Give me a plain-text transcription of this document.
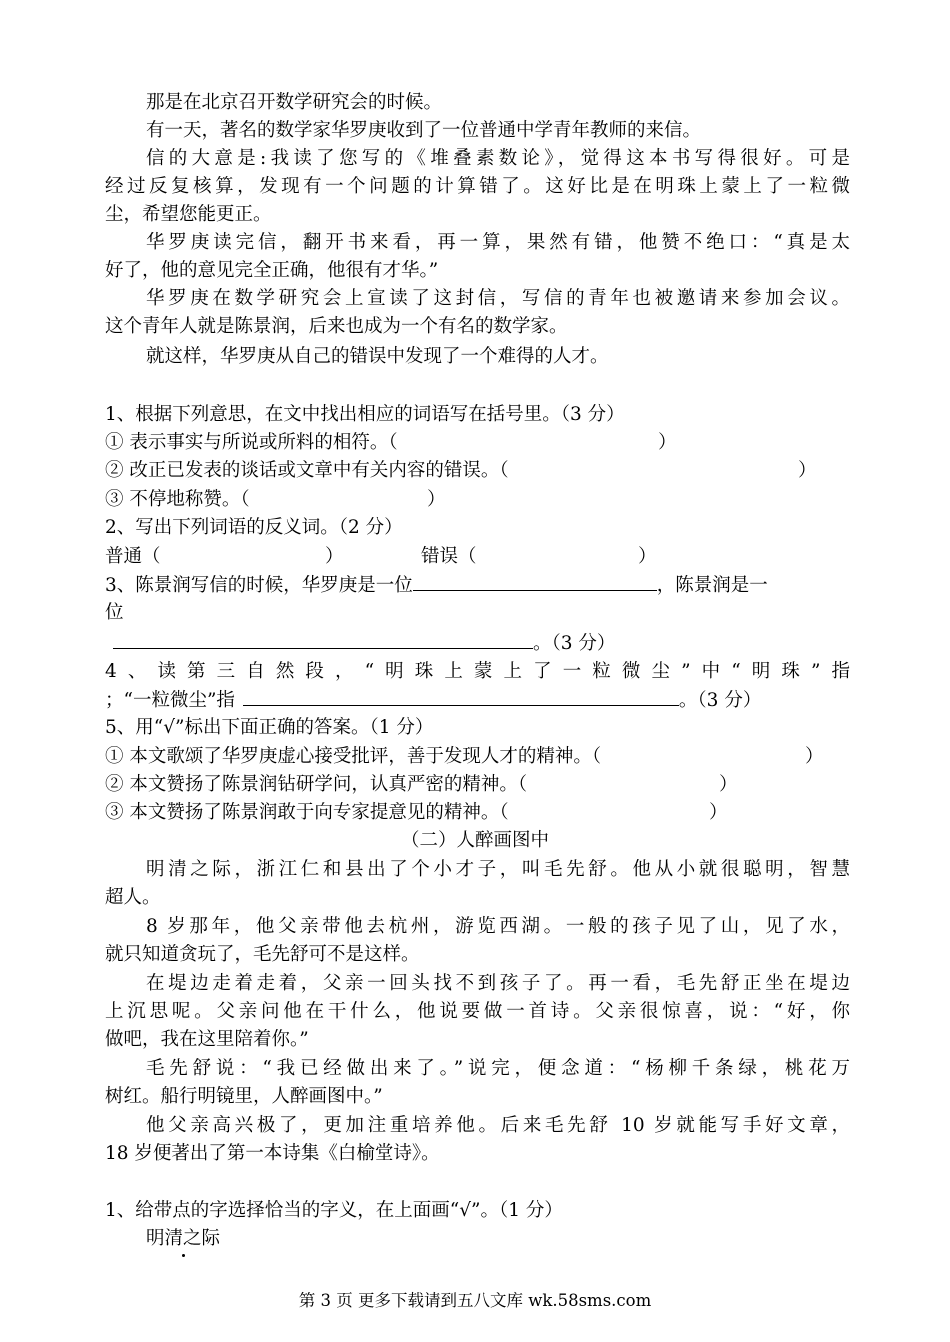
那是在北京召开数学研究会的时候。
有一天，著名的数学家华罗庚收到了一位普通中学青年教师的来信。
信的大意是:我读了您写的《堆叠素数论》，觉得这本书写得很好。可是
经过反复核算，发现有一个问题的计算错了。这好比是在明珠上蒙上了一粒微
尘，希望您能更正。
华罗庚读完信，翻开书来看，再一算，果然有错，他赞不绝口：“真是太
好了，他的意见完全正确，他很有才华。”
华罗庚在数学研究会上宣读了这封信，写信的青年也被邀请来参加会议。
这个青年人就是陈景润，后来也成为一个有名的数学家。
就这样，华罗庚从自己的错误中发现了一个难得的人才。
1、根据下列意思，在文中找出相应的词语写在括号里。（3 分）
① 表示事实与所说或所料的相符。（	）
② 改正已发表的谈话或文章中有关内容的错误。（	）
③ 不停地称赞。（	）
2、写出下列词语的反义词。（2 分）
普通（	）	错误（	）
3、陈景润写信的时候，华罗庚是一位	，陈景润是一
位
。（3 分）
4、读第三自然段，“明珠上蒙上了一粒微尘”中“明珠”指
；“一粒微尘”指	。（3 分）
5、用“√”标出下面正确的答案。（1 分）
① 本文歌颂了华罗庚虚心接受批评，善于发现人才的精神。（	）
② 本文赞扬了陈景润钻研学问，认真严密的精神。（	）
③ 本文赞扬了陈景润敢于向专家提意见的精神。（	）
（二）人醉画图中
明清之际，浙江仁和县出了个小才子，叫毛先舒。他从小就很聪明，智慧
超人。
8 岁那年，他父亲带他去杭州，游览西湖。一般的孩子见了山，见了水，
就只知道贪玩了，毛先舒可不是这样。
在堤边走着走着，父亲一回头找不到孩子了。再一看，毛先舒正坐在堤边
上沉思呢。父亲问他在干什么，他说要做一首诗。父亲很惊喜，说：“好，你
做吧，我在这里陪着你。”
毛先舒说：“我已经做出来了。”说完，便念道：“杨柳千条绿，桃花万
树红。船行明镜里，人醉画图中。”
他父亲高兴极了，更加注重培养他。后来毛先舒 10 岁就能写手好文章，
18 岁便著出了第一本诗集《白榆堂诗》。
1、给带点的字选择恰当的字义，在上面画“√”。（1 分）
明清之际
第 3 页 更多下载请到五八文库 wk.58sms.com
